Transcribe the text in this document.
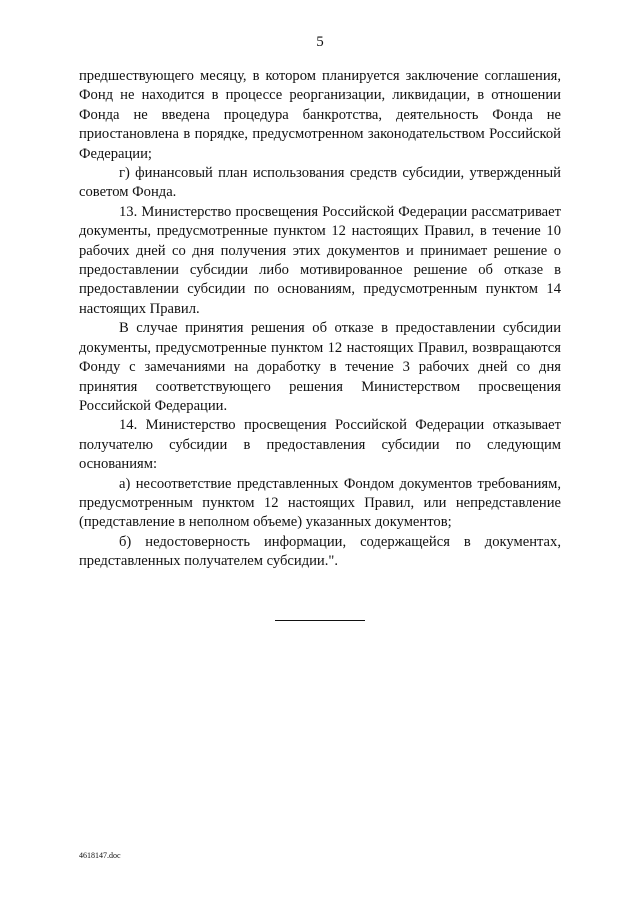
5

предшествующего месяцу, в котором планируется заключение соглашения, Фонд не находится в процессе реорганизации, ликвидации, в отношении Фонда не введена процедура банкротства, деятельность Фонда не приостановлена в порядке, предусмотренном законодательством Российской Федерации;

г) финансовый план использования средств субсидии, утвержденный советом Фонда.

13. Министерство просвещения Российской Федерации рассматривает документы, предусмотренные пунктом 12 настоящих Правил, в течение 10 рабочих дней со дня получения этих документов и принимает решение о предоставлении субсидии либо мотивированное решение об отказе в предоставлении субсидии по основаниям, предусмотренным пунктом 14 настоящих Правил.

В случае принятия решения об отказе в предоставлении субсидии документы, предусмотренные пунктом 12 настоящих Правил, возвращаются Фонду с замечаниями на доработку в течение 3 рабочих дней со дня принятия соответствующего решения Министерством просвещения Российской Федерации.

14. Министерство просвещения Российской Федерации отказывает получателю субсидии в предоставления субсидии по следующим основаниям:

а) несоответствие представленных Фондом документов требованиям, предусмотренным пунктом 12 настоящих Правил, или непредставление (представление в неполном объеме) указанных документов;

б) недостоверность информации, содержащейся в документах, представленных получателем субсидии.".

4618147.doc
